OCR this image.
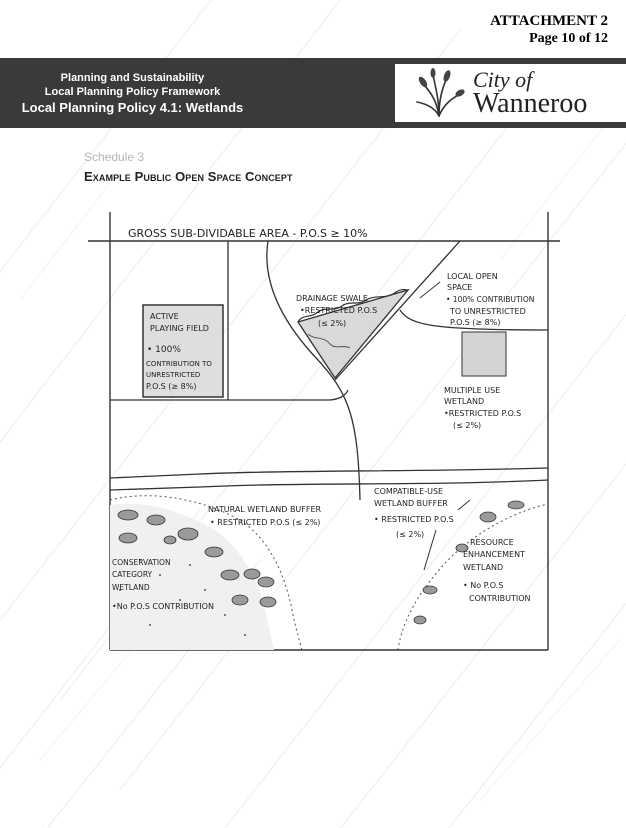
ATTACHMENT 2
Page 10 of 12
Planning and Sustainability
Local Planning Policy Framework
Local Planning Policy 4.1: Wetlands
City of
Wanneroo
Schedule 3
Example Public Open Space Concept
GROSS SUB-DIVIDABLE AREA - P.O.S ≥ 10%
ACTIVE
PLAYING FIELD
• 100%
CONTRIBUTION TO
UNRESTRICTED
P.O.S (≥ 8%)
DRAINAGE SWALE
•RESTRICTED P.O.S
(≤ 2%)
LOCAL OPEN
SPACE
• 100% CONTRIBUTION
TO UNRESTRICTED
P.O.S (≥ 8%)
MULTIPLE USE
WETLAND
•RESTRICTED P.O.S
(≤ 2%)
NATURAL WETLAND BUFFER
• RESTRICTED P.O.S (≤ 2%)
COMPATIBLE-USE
WETLAND BUFFER
• RESTRICTED P.O.S
(≤ 2%)
RESOURCE
ENHANCEMENT
WETLAND
• No P.O.S
CONTRIBUTION
CONSERVATION
CATEGORY
WETLAND
•No P.O.S CONTRIBUTION
